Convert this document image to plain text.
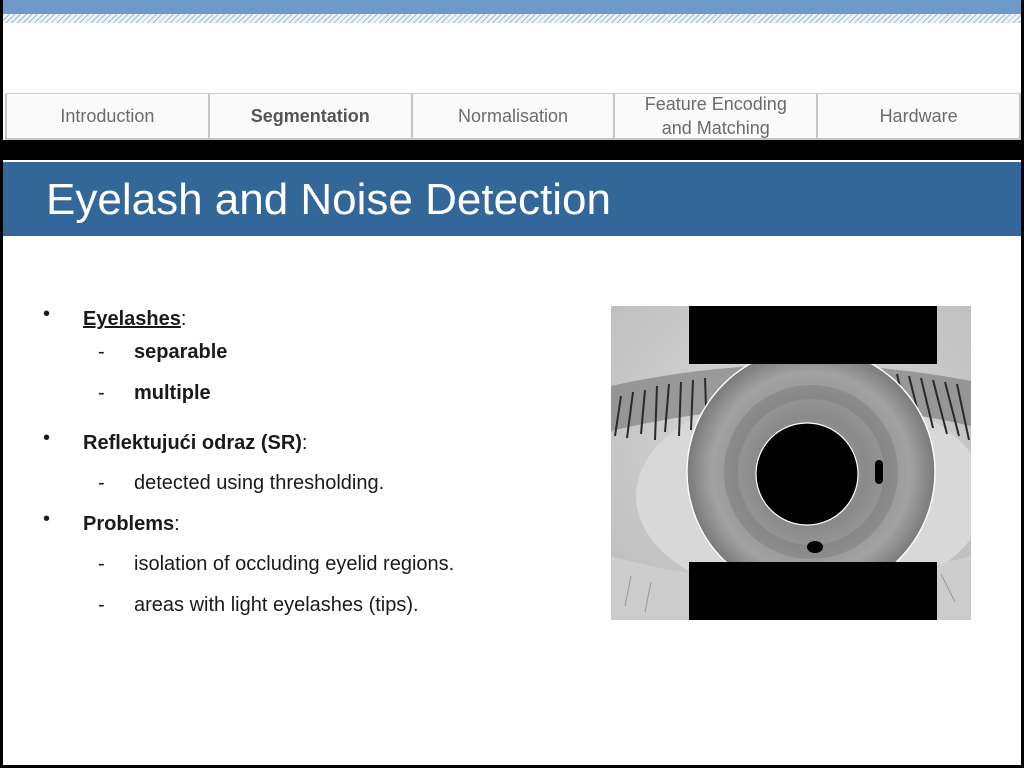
Introduction	Segmentation	Normalisation
Feature Encoding
and Matching
Hardware
Eyelash and Noise Detection
• Eyelashes:
- separable
- multiple
• Reflektujući odraz (SR):
- detected using thresholding.
• Problems:
- isolation of occluding eyelid regions.
- areas with light eyelashes (tips).
